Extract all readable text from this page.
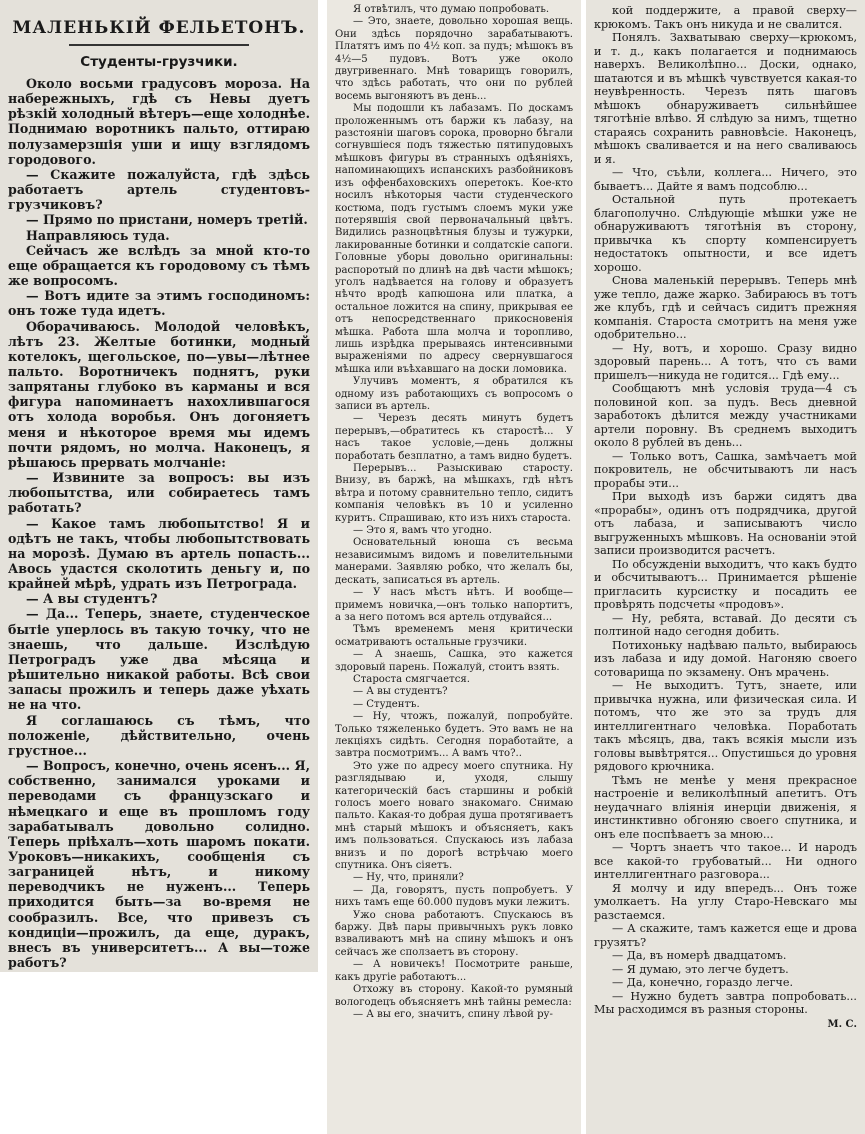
МАЛЕНЬКІЙ ФЕЛЬЕТОНЪ.
Студенты-грузчики.

Около восьми градусовъ мороза. На набережныхъ, гдѣ съ Невы дуетъ рѣзкій холодный вѣтеръ—еще холоднѣе. Поднимаю воротникъ пальто, оттираю полузамерзшія уши и ищу взглядомъ городового.

— Скажите пожалуйста, гдѣ здѣсь работаетъ артель студентовъ-грузчиковъ?

— Прямо по пристани, номеръ третій.

Направляюсь туда.

Сейчасъ же вслѣдъ за мной кто-то еще обращается къ городовому съ тѣмъ же вопросомъ.

— Вотъ идите за этимъ господиномъ: онъ тоже туда идетъ.

Оборачиваюсь. Молодой человѣкъ, лѣтъ 23. Желтые ботинки, модный котелокъ, щегольское, по—увы—лѣтнее пальто. Воротничекъ поднятъ, руки запрятаны глубоко въ карманы и вся фигура напоминаетъ нахохлившагося отъ холода воробья. Онъ догоняетъ меня и нѣкоторое время мы идемъ почти рядомъ, но молча. Наконецъ, я рѣшаюсь прервать молчаніе:

— Извините за вопросъ: вы изъ любопытства, или собираетесь тамъ работать?

— Какое тамъ любопытство! Я и одѣтъ не такъ, чтобы любопытствовать на морозѣ. Думаю въ артель попасть... Авось удастся сколотить деньгу и, по крайней мѣрѣ, удрать изъ Петрограда.

— А вы студентъ?

— Да... Теперь, знаете, студенческое бытіе уперлось въ такую точку, что не знаешь, что дальше. Изслѣдую Петроградъ уже два мѣсяца и рѣшительно никакой работы. Всѣ свои запасы прожилъ и теперь даже уѣхать не на что.

Я соглашаюсь съ тѣмъ, что положеніе, дѣйствительно, очень грустное...

— Вопросъ, конечно, очень ясенъ... Я, собственно, занимался уроками и переводами съ французскаго и нѣмецкаго и еще въ прошломъ году зарабатывалъ довольно солидно. Теперь пріѣхалъ—хоть шаромъ покати. Уроковъ—никакихъ, сообщенія съ заграницей нѣтъ, и никому переводчикъ не нуженъ... Теперь приходится быть—за во-время не сообразилъ. Все, что привезъ съ кондиціи—прожилъ, да еще, дуракъ, внесъ въ университетъ... А вы—тоже работъ?

Я отвѣтилъ, что думаю попробовать.

— Это, знаете, довольно хорошая вещь. Они здѣсь порядочно зарабатываютъ. Платятъ имъ по 4½ коп. за пудъ; мѣшокъ въ 4½—5 пудовъ. Вотъ уже около двугривеннаго. Мнѣ товарищъ говорилъ, что здѣсь работать, что они по рублей восемь выгоняютъ въ день...

Мы подошли къ лабазамъ. По доскамъ проложеннымъ отъ баржи къ лабазу, на разстояніи шаговъ сорока, проворно бѣгали согнувшіеся подъ тяжестью пятипудовыхъ мѣшковъ фигуры въ странныхъ одѣяніяхъ, напоминающихъ испанскихъ разбойниковъ изъ оффенбаховскихъ оперетокъ. Кое-кто носилъ нѣкоторыя части студенческого костюма, подъ густымъ слоемъ муки уже потерявшія свой первоначальный цвѣтъ. Видились разноцвѣтныя блузы и тужурки, лакированные ботинки и солдатскіе сапоги. Головные уборы довольно оригинальны: распоротый по длинѣ на двѣ части мѣшокъ; уголъ надѣвается на голову и образуетъ нѣчто вродѣ капюшона или платка, а остальное ложится на спину, прикрывая ее отъ непосредственнаго прикосновенія мѣшка. Работа шла молча и торопливо, лишь изрѣдка прерываясь интенсивными выраженіями по адресу свернувшагося мѣшка или въѣхавшаго на доски ломовика.

Улучивъ моментъ, я обратился къ одному изъ работающихъ съ вопросомъ о записи въ артель.

— Черезъ десять минутъ будетъ перерывъ,—обратитесь къ старостѣ... У насъ такое условіе,—день должны поработать безплатно, а тамъ видно будетъ.

Перерывъ... Разыскиваю старосту. Внизу, въ баржѣ, на мѣшкахъ, гдѣ нѣтъ вѣтра и потому сравнительно тепло, сидитъ компанія человѣкъ въ 10 и усиленно куритъ. Спрашиваю, кто изъ нихъ староста.

— Это я, вамъ что угодно.

Основательный юноша съ весьма независимымъ видомъ и повелительными манерами. Заявляю робко, что желалъ бы, дескать, записаться въ артель.

— У насъ мѣстъ нѣтъ. И вообще—примемъ новичка,—онъ только напортитъ, а за него потомъ вся артель отдувайся...

Тѣмъ временемъ меня критически осматриваютъ остальные грузчики.

— А знаешь, Сашка, это кажется здоровый парень. Пожалуй, стоитъ взять.

Староста смягчается.

— А вы студентъ?

— Студентъ.

— Ну, чтожъ, пожалуй, попробуйте. Только тяжеленько будетъ. Это вамъ не на лекціяхъ сидѣть. Сегодня поработайте, а завтра посмотримъ... А вамъ что?..

Это уже по адресу моего спутника. Ну разглядываю и, уходя, слышу категорическій басъ старшины и робкій голосъ моего новаго знакомаго. Снимаю пальто. Какая-то добрая душа протягиваетъ мнѣ старый мѣшокъ и объясняетъ, какъ имъ пользоваться. Спускаюсь изъ лабаза внизъ и по дорогѣ встрѣчаю моего спутника. Онъ сіяетъ.

— Ну, что, приняли?

— Да, говорятъ, пусть попробуетъ. У нихъ тамъ еще 60.000 пудовъ муки лежитъ.

Ужо снова работаютъ. Спускаюсь въ баржу. Двѣ пары привычныхъ рукъ ловко взваливаютъ мнѣ на спину мѣшокъ и онъ сейчасъ же сползаетъ въ сторону.

— А новичекъ! Посмотрите раньше, какъ другіе работаютъ...

Отхожу въ сторону. Какой-то румяный вологодецъ объясняетъ мнѣ тайны ремесла:

— А вы его, значитъ, спину лѣвой ру-

кой поддержите, а правой сверху—крюкомъ. Такъ онъ никуда и не свалится.

Понялъ. Захватываю сверху—крюкомъ, и т. д., какъ полагается и поднимаюсь наверхъ. Великолѣпно... Доски, однако, шатаются и въ мѣшкѣ чувствуется какая-то неувѣренность. Черезъ пять шаговъ мѣшокъ обнаруживаетъ сильнѣйшее тяготѣніе влѣво. Я слѣдую за нимъ, тщетно стараясь сохранить равновѣсіе. Наконецъ, мѣшокъ сваливается и на него сваливаюсь и я.

— Что, съѣли, коллега... Ничего, это бываетъ... Дайте я вамъ подсоблю...

Остальной путь протекаетъ благополучно. Слѣдующіе мѣшки уже не обнаруживаютъ тяготѣнія въ сторону, привычка къ спорту компенсируетъ недостатокъ опытности, и все идетъ хорошо.

Снова маленькій перерывъ. Теперь мнѣ уже тепло, даже жарко. Забираюсь въ тотъ же клубъ, гдѣ и сейчасъ сидитъ прежняя компанія. Староста смотритъ на меня уже одобрительно...

— Ну, вотъ, и хорошо. Сразу видно здоровый парень... А тотъ, что съ вами пришелъ—никуда не годится... Гдѣ ему...

Сообщаютъ мнѣ условія труда—4 съ половиной коп. за пудъ. Весь дневной заработокъ дѣлится между участниками артели поровну. Въ среднемъ выходитъ около 8 рублей въ день...

— Только вотъ, Сашка, замѣчаетъ мой покровитель, не обсчитываютъ ли насъ прорабы эти...

При выходѣ изъ баржи сидятъ два «прорабы», одинъ отъ подрядчика, другой отъ лабаза, и записываютъ число выгруженныхъ мѣшковъ. На основаніи этой записи производится расчетъ.

По обсужденіи выходитъ, что какъ будто и обсчитываютъ... Принимается рѣшеніе пригласить курсистку и посадить ее провѣрять подсчеты «продовъ».

— Ну, ребята, вставай. До десяти съ полтиной надо сегодня добить.

Потихоньку надѣваю пальто, выбираюсь изъ лабаза и иду домой. Нагоняю своего сотоварища по экзамену. Онъ мрачень.

— Не выходитъ. Тутъ, знаете, или привычка нужна, или физическая сила. И потомъ, что же это за трудъ для интеллигентнаго человѣка. Поработать такъ мѣсяцъ, два, такъ всякія мысли изъ головы вывѣтрятся... Опустишься до уровня рядового крючника.

Тѣмъ не менѣе у меня прекрасное настроеніе и великолѣпный апетитъ. Отъ неудачнаго вліянія инерціи движенія, я инстинктивно обгоняю своего спутника, и онъ еле поспѣваетъ за мною...

— Чортъ знаетъ что такое... И народъ все какой-то грубоватый... Ни одного интеллигентнаго разговора...

Я молчу и иду впередъ... Онъ тоже умолкаетъ. На углу Старо-Невскаго мы разстаемся.

— А скажите, тамъ кажется еще и дрова грузятъ?

— Да, въ номерѣ двадцатомъ.

— Я думаю, это легче будетъ.

— Да, конечно, гораздо легче.

— Нужно будетъ завтра попробовать... Мы расходимся въ разныя стороны.

М. С.
